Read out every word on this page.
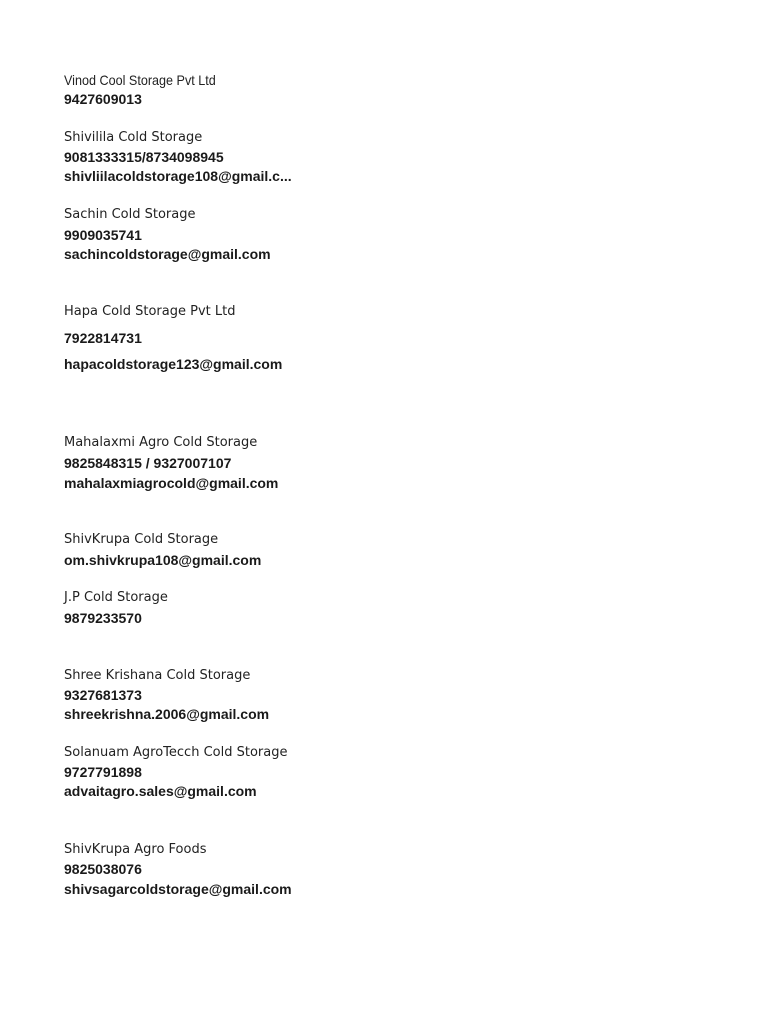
Vinod Cool Storage Pvt Ltd
9427609013
Shivilila Cold Storage
9081333315/8734098945
shivliilacoldstorage108@gmail.c...
Sachin Cold Storage
9909035741
sachincoldstorage@gmail.com
Hapa Cold Storage Pvt Ltd
7922814731
hapacoldstorage123@gmail.com
Mahalaxmi Agro Cold Storage
9825848315 / 9327007107
mahalaxmiagrocold@gmail.com
ShivKrupa Cold Storage
om.shivkrupa108@gmail.com
J.P Cold Storage
9879233570
Shree Krishana Cold Storage
9327681373
shreekrishna.2006@gmail.com
Solanuam AgroTecch Cold Storage
9727791898
advaitagro.sales@gmail.com
ShivKrupa Agro Foods
9825038076
shivsagarcoldstorage@gmail.com
